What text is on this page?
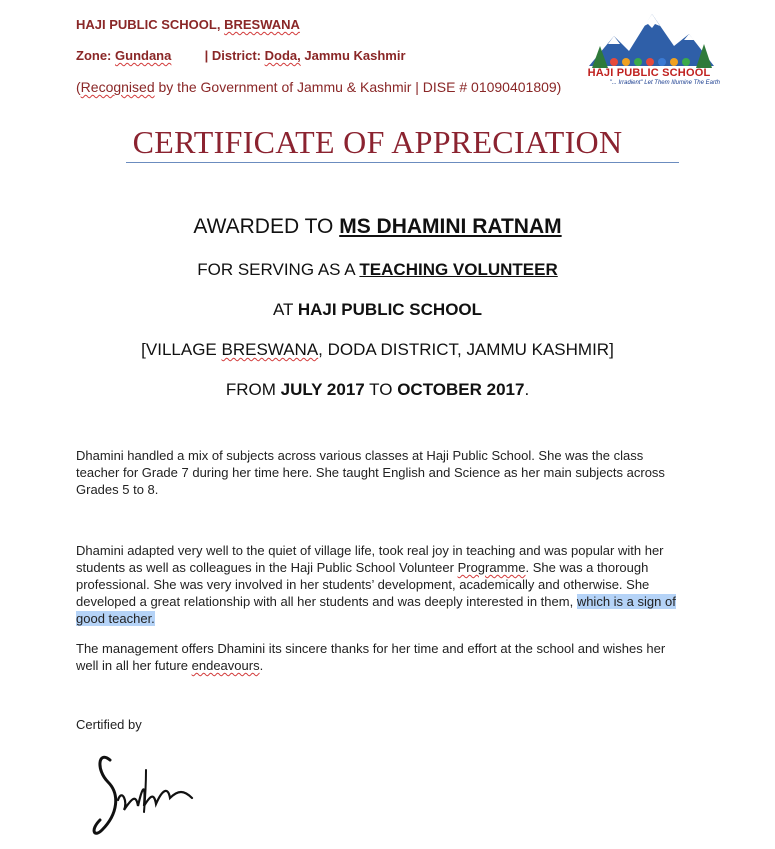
HAJI PUBLIC SCHOOL, BRESWANA
Zone: Gundana	| District: Doda, Jammu Kashmir
(Recognised by the Government of Jammu & Kashmir | DISE # 01090401809)
HAJI PUBLIC SCHOOL
"... Irradient" Let Them Illumine The Earth
CERTIFICATE OF APPRECIATION
AWARDED TO MS DHAMINI RATNAM
FOR SERVING AS A TEACHING VOLUNTEER
AT HAJI PUBLIC SCHOOL
[VILLAGE BRESWANA, DODA DISTRICT, JAMMU KASHMIR]
FROM JULY 2017 TO OCTOBER 2017.
Dhamini handled a mix of subjects across various classes at Haji Public School. She was the class teacher for Grade 7 during her time here. She taught English and Science as her main subjects across Grades 5 to 8.
Dhamini adapted very well to the quiet of village life, took real joy in teaching and was popular with her students as well as colleagues in the Haji Public School Volunteer Programme. She was a thorough professional. She was very involved in her students’ development, academically and otherwise. She developed a great relationship with all her students and was deeply interested in them, which is a sign of good teacher.
The management offers Dhamini its sincere thanks for her time and effort at the school and wishes her well in all her future endeavours.
Certified by
